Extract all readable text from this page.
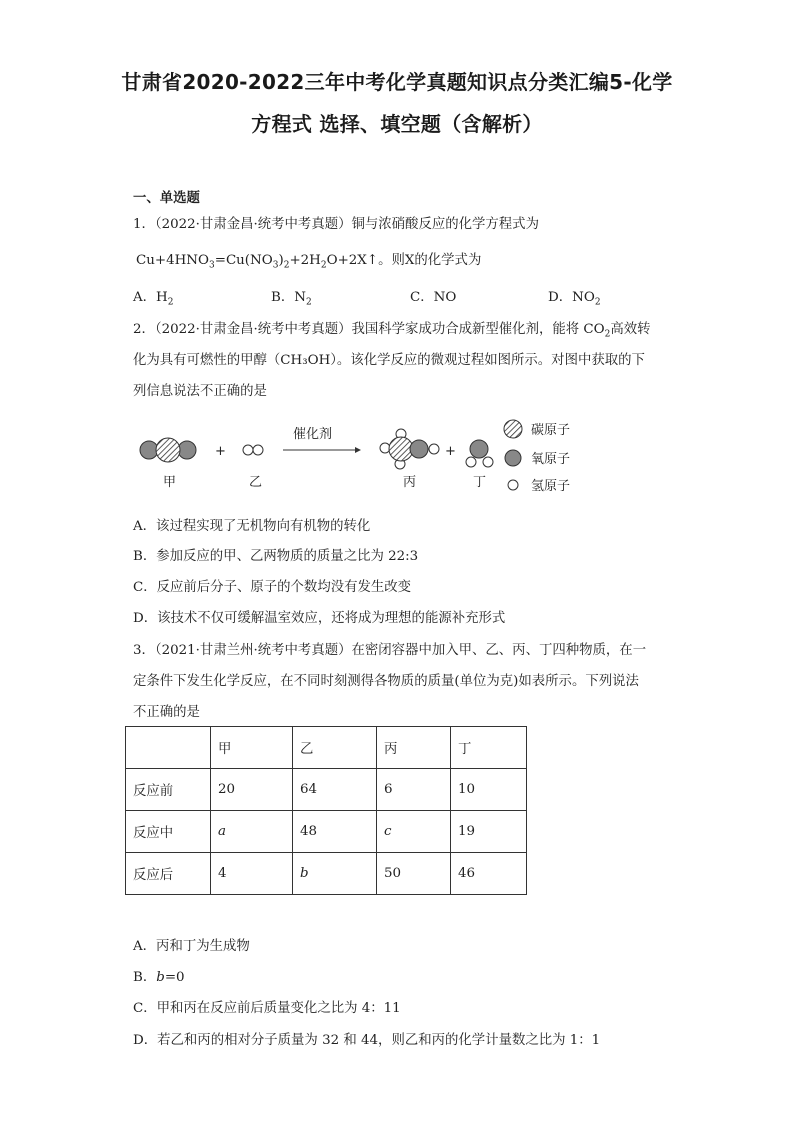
甘肃省2020-2022三年中考化学真题知识点分类汇编5-化学
方程式 选择、填空题（含解析）
一、单选题
1．（2022·甘肃金昌·统考中考真题）铜与浓硝酸反应的化学方程式为
$Cu+4HNO_3=Cu(NO_3)_2+2H_2O+2X↑$。则X的化学式为
A．$H_2$	B．$N_2$	C．NO	D．$NO_2$
2．（2022·甘肃金昌·统考中考真题）我国科学家成功合成新型催化剂，能将 $CO_2$高效转
化为具有可燃性的甲醇（CH₃OH）。该化学反应的微观过程如图所示。对图中获取的下
列信息说法不正确的是
+
催化剂
+
甲	乙	丙	丁
碳原子
氧原子
氢原子
A．该过程实现了无机物向有机物的转化
B．参加反应的甲、乙两物质的质量之比为 22:3
C．反应前后分子、原子的个数均没有发生改变
D．该技术不仅可缓解温室效应，还将成为理想的能源补充形式
3．（2021·甘肃兰州·统考中考真题）在密闭容器中加入甲、乙、丙、丁四种物质，在一
定条件下发生化学反应，在不同时刻测得各物质的质量(单位为克)如表所示。下列说法
不正确的是
	甲	乙	丙	丁
反应前	20	64	6	10
反应中	a	48	c	19
反应后	4	b	50	46
A．丙和丁为生成物
B．b=0
C．甲和丙在反应前后质量变化之比为 4：11
D．若乙和丙的相对分子质量为 32 和 44，则乙和丙的化学计量数之比为 1：1
